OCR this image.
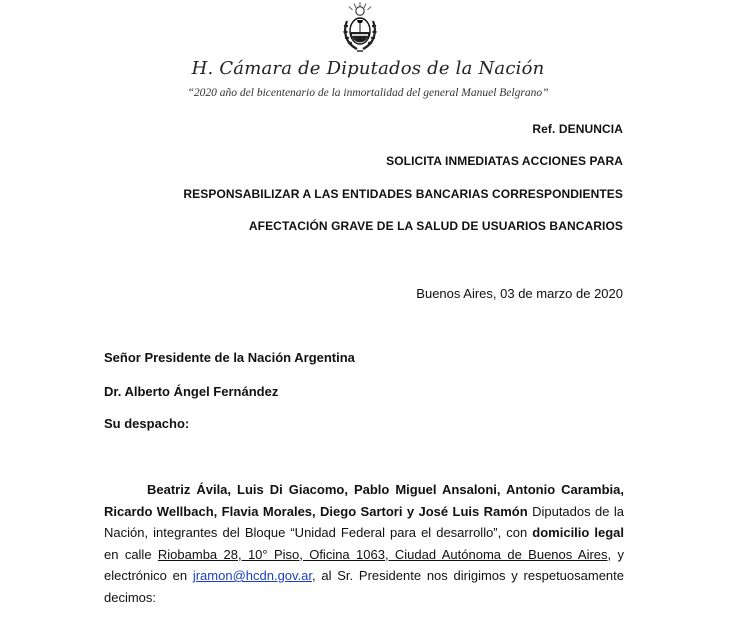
H. Cámara de Diputados de la Nación
“2020 año del bicentenario de la inmortalidad del general Manuel Belgrano”
Ref. DENUNCIA
SOLICITA INMEDIATAS ACCIONES PARA
RESPONSABILIZAR A LAS ENTIDADES BANCARIAS CORRESPONDIENTES
AFECTACIÓN GRAVE DE LA SALUD DE USUARIOS BANCARIOS
Buenos Aires, 03 de marzo de 2020
Señor Presidente de la Nación Argentina
Dr. Alberto Ángel Fernández
Su despacho:
Beatriz Ávila, Luis Di Giacomo, Pablo Miguel Ansaloni, Antonio Carambia, Ricardo Wellbach, Flavia Morales, Diego Sartori y José Luis Ramón Diputados de la Nación, integrantes del Bloque “Unidad Federal para el desarrollo”, con domicilio legal en calle Riobamba 28, 10° Piso, Oficina 1063, Ciudad Autónoma de Buenos Aires, y electrónico en jramon@hcdn.gov.ar, al Sr. Presidente nos dirigimos y respetuosamente decimos:
